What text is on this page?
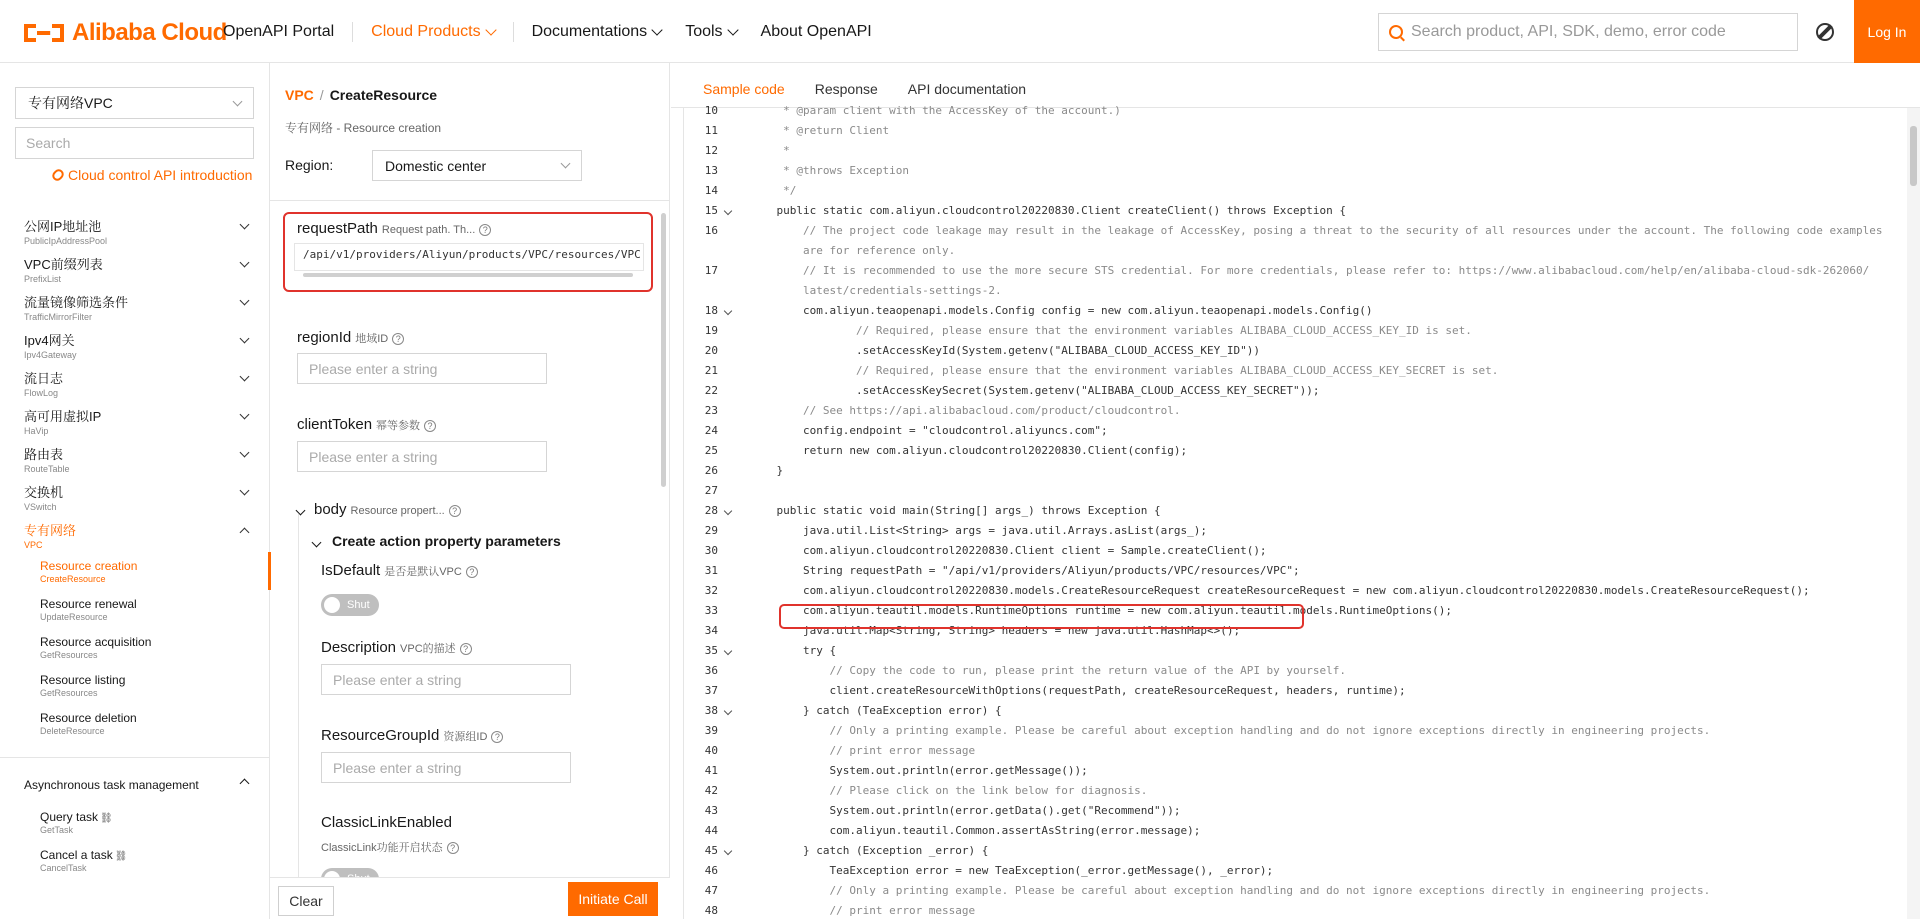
Alibaba Cloud
OpenAPI Portal Cloud Products	Documentations Tools About OpenAPI
Search product, API, SDK, demo, error code	Log In
专有网络VPC
Search
Cloud control API introduction
公网IP地址池
PublicIpAddressPool
VPC前缀列表
PrefixList
流量镜像筛选条件
TrafficMirrorFilter
Ipv4网关
Ipv4Gateway
流日志
FlowLog
高可用虚拟IP
HaVip
路由表
RouteTable
交换机
VSwitch
专有网络
VPC
Resource creation
CreateResource
Resource renewal
UpdateResource
Resource acquisition
GetResources
Resource listing
GetResources
Resource deletion
DeleteResource
Asynchronous task management
Query task ⛓
GetTask
Cancel a task ⛓
CancelTask
VPC / CreateResource
专有网络 - Resource creation
Region:	Domestic center
requestPath Request path. Th... ?
/api/v1/providers/Aliyun/products/VPC/resources/VPC
regionId 地域ID ?
Please enter a string
clientToken 幂等参数 ?
Please enter a string
body Resource propert... ?
Create action property parameters
IsDefault 是否是默认VPC ?
Shut
Description VPC的描述 ?
Please enter a string
ResourceGroupId 资源组ID ?
Please enter a string
ClassicLinkEnabled
ClassicLink功能开启状态 ?
Clear	Initiate Call
Sample code	Response	API documentation
10	* @param client with the AccessKey of the account.)
11	* @return Client
12	*
13	* @throws Exception
14	*/
15	public static com.aliyun.cloudcontrol20220830.Client createClient() throws Exception {
16	// The project code leakage may result in the leakage of AccessKey, posing a threat to the security of all resources under the account. The following code examples
are for reference only.
17	// It is recommended to use the more secure STS credential. For more credentials, please refer to: https://www.alibabacloud.com/help/en/alibaba-cloud-sdk-262060/
latest/credentials-settings-2.
18	com.aliyun.teaopenapi.models.Config config = new com.aliyun.teaopenapi.models.Config()
19	// Required, please ensure that the environment variables ALIBABA_CLOUD_ACCESS_KEY_ID is set.
20	.setAccessKeyId(System.getenv("ALIBABA_CLOUD_ACCESS_KEY_ID"))
21	// Required, please ensure that the environment variables ALIBABA_CLOUD_ACCESS_KEY_SECRET is set.
22	.setAccessKeySecret(System.getenv("ALIBABA_CLOUD_ACCESS_KEY_SECRET"));
23	// See https://api.alibabacloud.com/product/cloudcontrol.
24	config.endpoint = "cloudcontrol.aliyuncs.com";
25	return new com.aliyun.cloudcontrol20220830.Client(config);
26	}
27
28	public static void main(String[] args_) throws Exception {
29	java.util.List<String> args = java.util.Arrays.asList(args_);
30	com.aliyun.cloudcontrol20220830.Client client = Sample.createClient();
31	String requestPath = "/api/v1/providers/Aliyun/products/VPC/resources/VPC";
32	com.aliyun.cloudcontrol20220830.models.CreateResourceRequest createResourceRequest = new com.aliyun.cloudcontrol20220830.models.CreateResourceRequest();
33	com.aliyun.teautil.models.RuntimeOptions runtime = new com.aliyun.teautil.models.RuntimeOptions();
34	java.util.Map<String, String> headers = new java.util.HashMap<>();
35	try {
36	// Copy the code to run, please print the return value of the API by yourself.
37	client.createResourceWithOptions(requestPath, createResourceRequest, headers, runtime);
38	} catch (TeaException error) {
39	// Only a printing example. Please be careful about exception handling and do not ignore exceptions directly in engineering projects.
40	// print error message
41	System.out.println(error.getMessage());
42	// Please click on the link below for diagnosis.
43	System.out.println(error.getData().get("Recommend"));
44	com.aliyun.teautil.Common.assertAsString(error.message);
45	} catch (Exception _error) {
46	TeaException error = new TeaException(_error.getMessage(), _error);
47	// Only a printing example. Please be careful about exception handling and do not ignore exceptions directly in engineering projects.
48	// print error message
